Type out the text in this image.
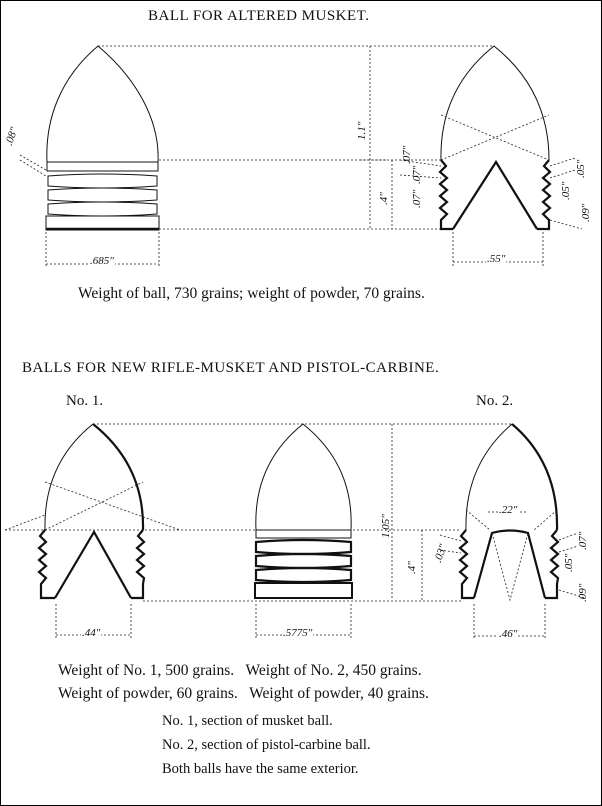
BALL FOR ALTERED MUSKET.
.08"	1.1"
.4"
.07"
.07"
.07"
.05"
.05"
.09"
.685"	.55"
Weight of ball, 730 grains; weight of powder, 70 grains.
BALLS FOR NEW RIFLE-MUSKET AND PISTOL-CARBINE.
No. 1.	No. 2.
1.05"
.4"
.03"
.07"
.05"
.09"
.44"	.5775"	.46"
.22"
Weight of No. 1, 500 grains.   Weight of No. 2, 450 grains.
Weight of powder, 60 grains.   Weight of powder, 40 grains.
No. 1, section of musket ball.
No. 2, section of pistol-carbine ball.
Both balls have the same exterior.
